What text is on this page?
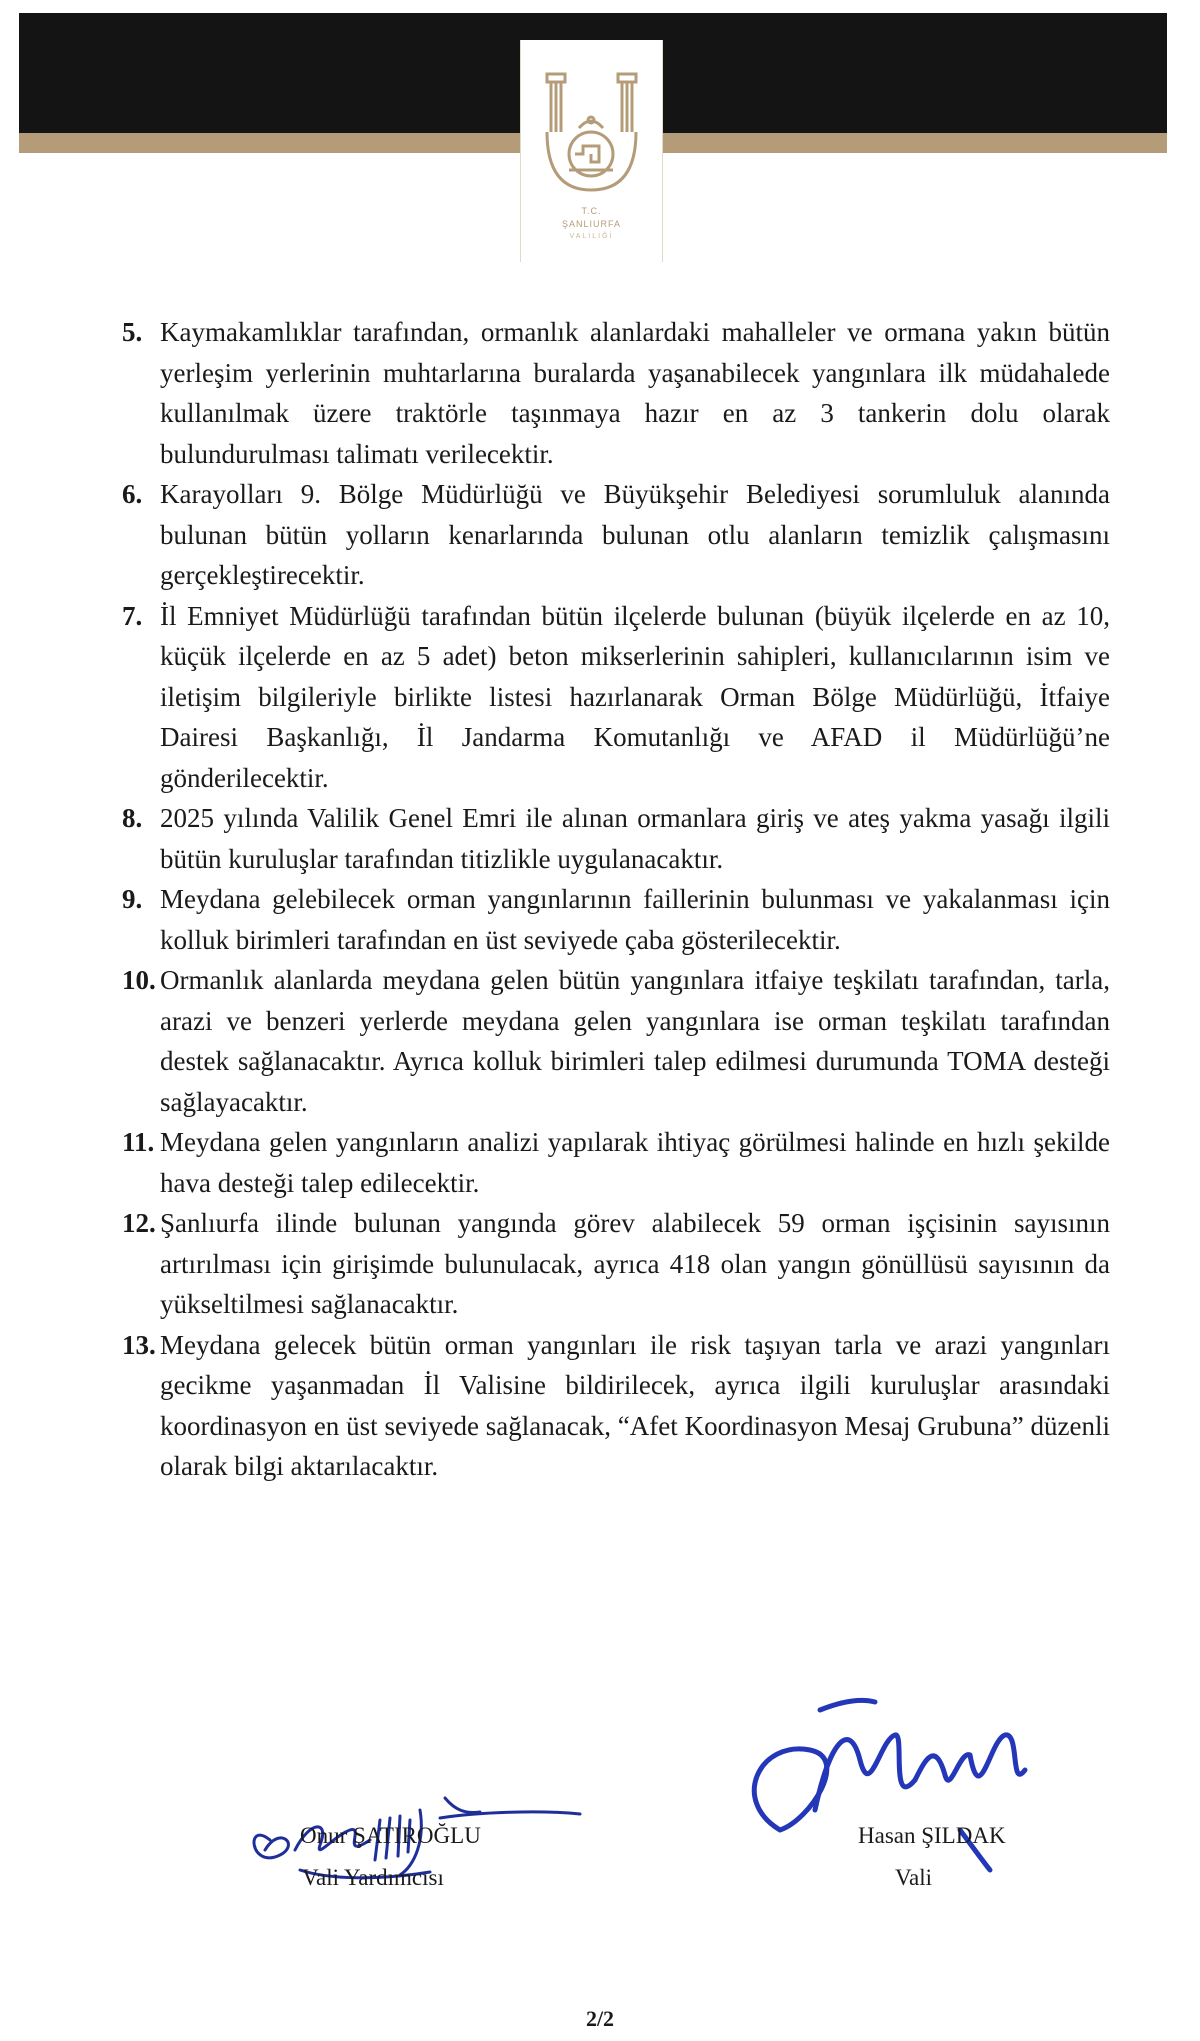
T.C.
ŞANLIURFA
VALİLİĞİ
5. Kaymakamlıklar tarafından, ormanlık alanlardaki mahalleler ve ormana yakın bütün yerleşim yerlerinin muhtarlarına buralarda yaşanabilecek yangınlara ilk müdahalede kullanılmak üzere traktörle taşınmaya hazır en az 3 tankerin dolu olarak bulundurulması talimatı verilecektir.

6. Karayolları 9. Bölge Müdürlüğü ve Büyükşehir Belediyesi sorumluluk alanında bulunan bütün yolların kenarlarında bulunan otlu alanların temizlik çalışmasını gerçekleştirecektir.

7. İl Emniyet Müdürlüğü tarafından bütün ilçelerde bulunan (büyük ilçelerde en az 10, küçük ilçelerde en az 5 adet) beton mikserlerinin sahipleri, kullanıcılarının isim ve iletişim bilgileriyle birlikte listesi hazırlanarak Orman Bölge Müdürlüğü, İtfaiye Dairesi Başkanlığı, İl Jandarma Komutanlığı ve AFAD il Müdürlüğü’ne gönderilecektir.

8. 2025 yılında Valilik Genel Emri ile alınan ormanlara giriş ve ateş yakma yasağı ilgili bütün kuruluşlar tarafından titizlikle uygulanacaktır.

9. Meydana gelebilecek orman yangınlarının faillerinin bulunması ve yakalanması için kolluk birimleri tarafından en üst seviyede çaba gösterilecektir.

10. Ormanlık alanlarda meydana gelen bütün yangınlara itfaiye teşkilatı tarafından, tarla, arazi ve benzeri yerlerde meydana gelen yangınlara ise orman teşkilatı tarafından destek sağlanacaktır. Ayrıca kolluk birimleri talep edilmesi durumunda TOMA desteği sağlayacaktır.

11. Meydana gelen yangınların analizi yapılarak ihtiyaç görülmesi halinde en hızlı şekilde hava desteği talep edilecektir.

12. Şanlıurfa ilinde bulunan yangında görev alabilecek 59 orman işçisinin sayısının artırılması için girişimde bulunulacak, ayrıca 418 olan yangın gönüllüsü sayısının da yükseltilmesi sağlanacaktır.

13. Meydana gelecek bütün orman yangınları ile risk taşıyan tarla ve arazi yangınları gecikme yaşanmadan İl Valisine bildirilecek, ayrıca ilgili kuruluşlar arasındaki koordinasyon en üst seviyede sağlanacak, “Afet Koordinasyon Mesaj Grubuna” düzenli olarak bilgi aktarılacaktır.

Onur ŞATIROĞLU
Vali Yardımcısı
Hasan ŞILDAK
Vali
2/2
